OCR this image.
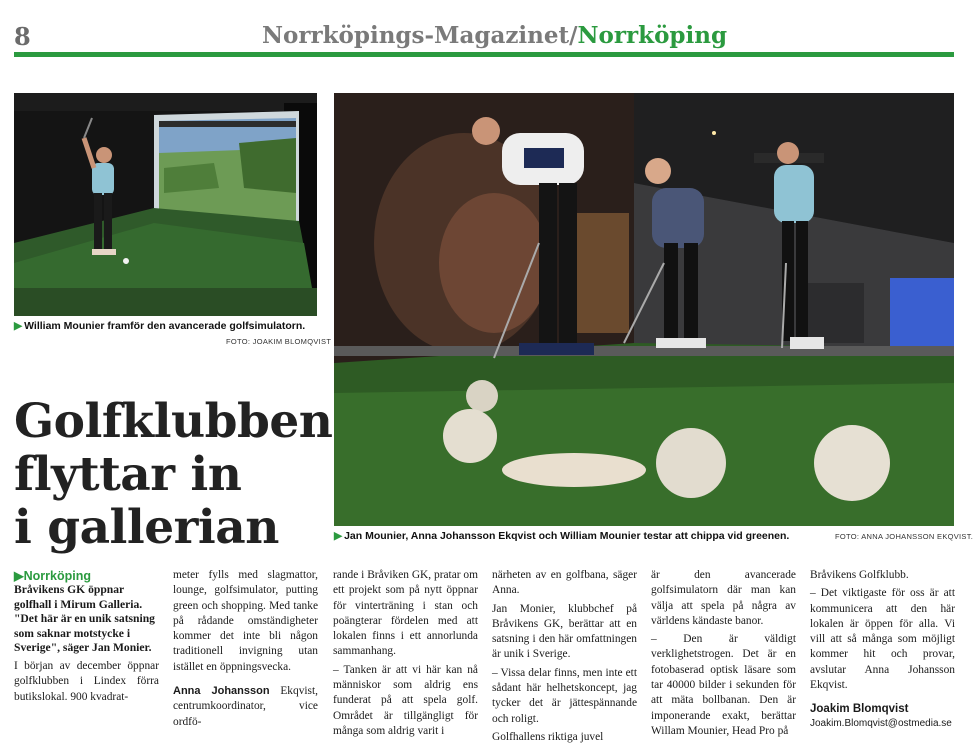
8	Norrköpings-Magazinet/Norrköping
▶ William Mounier framför den avancerade golfsimulatorn.
FOTO: JOAKIM BLOMQVIST
▶ Jan Mounier, Anna Johansson Ekqvist och William Mounier testar att chippa vid greenen.	FOTO: ANNA JOHANSSON EKQVIST.
Golfklubben
flyttar in
i gallerian
▶Norrköping

Bråvikens GK öppnar golfhall i Mirum Galleria. "Det här är en unik satsning som saknar motstycke i Sverige", säger Jan Monier.

I början av december öppnar golfklubben i Lindex förra butikslokal. 900 kvadrat-

meter fylls med slagmattor, lounge, golfsimulator, putting green och shopping. Med tanke på rådande omständigheter kommer det inte bli någon traditionell invigning utan istället en öppningsvecka.

Anna Johansson Ekqvist, centrumkoordinator, vice ordfö-

rande i Bråviken GK, pratar om ett projekt som på nytt öppnar för vinterträning i stan och poängterar fördelen med att lokalen finns i ett annorlunda sammanhang.

– Tanken är att vi här kan nå människor som aldrig ens funderat på att spela golf. Området är tillgängligt för många som aldrig varit i

närheten av en golfbana, säger Anna.

Jan Monier, klubbchef på Bråvikens GK, berättar att en satsning i den här omfattningen är unik i Sverige.

– Vissa delar finns, men inte ett sådant här helhetskoncept, jag tycker det är jättespännande och roligt.

Golfhallens riktiga juvel

är den avancerade golfsimulatorn där man kan välja att spela på några av världens kändaste banor.

– Den är väldigt verklighetstrogen. Det är en fotobaserad optisk läsare som tar 40000 bilder i sekunden för att mäta bollbanan. Den är imponerande exakt, berättar Willam Mounier, Head Pro på

Bråvikens Golfklubb.

– Det viktigaste för oss är att kommunicera att den här lokalen är öppen för alla. Vi vill att så många som möjligt kommer hit och provar, avslutar Anna Johansson Ekqvist.

Joakim Blomqvist
Joakim.Blomqvist@ostmedia.se
